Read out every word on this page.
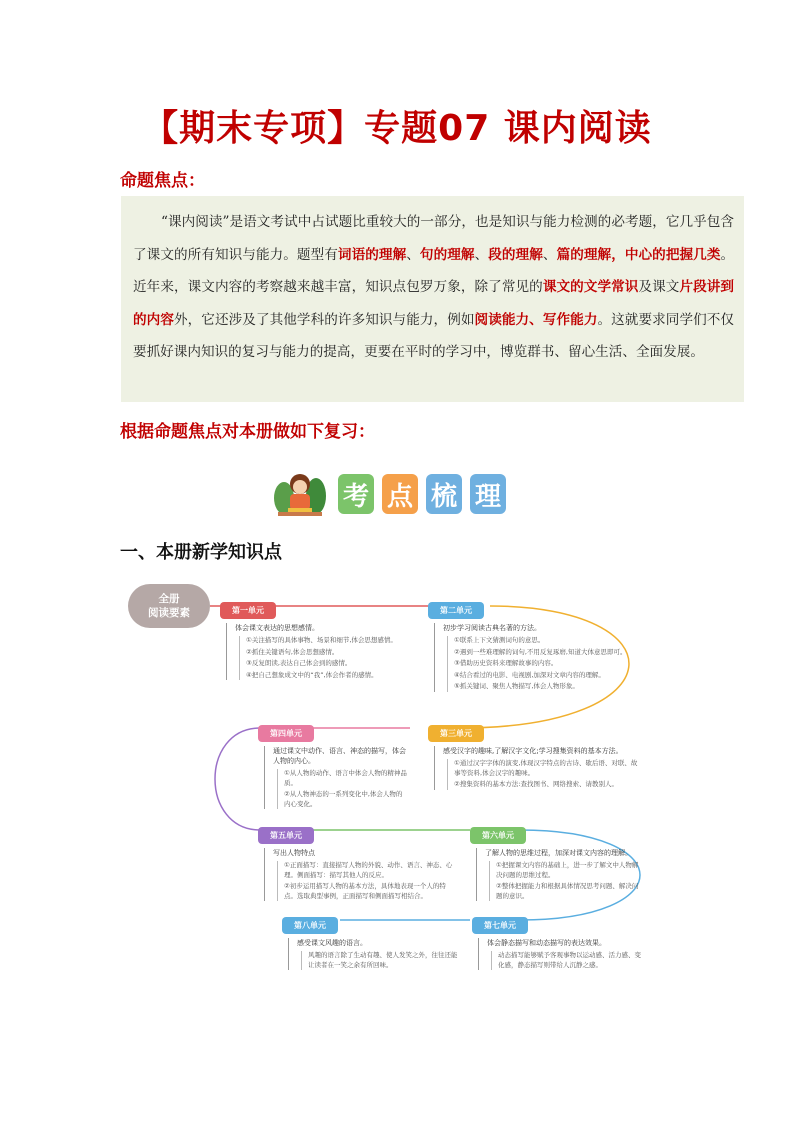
【期末专项】专题07 课内阅读
命题焦点：
“课内阅读”是语文考试中占试题比重较大的一部分，也是知识与能力检测的必考题，它几乎包含了课文的所有知识与能力。题型有词语的理解、句的理解、段的理解、篇的理解，中心的把握几类。近年来，课文内容的考察越来越丰富，知识点包罗万象，除了常见的课文的文学常识及课文片段讲到的内容外，它还涉及了其他学科的许多知识与能力，例如阅读能力、写作能力。这就要求同学们不仅要抓好课内知识的复习与能力的提高，更要在平时的学习中，博览群书、留心生活、全面发展。
根据命题焦点对本册做如下复习：
考 点 梳 理
一、本册新学知识点
全册
阅读要素	第一单元
体会课文表达的思想感情。
①关注描写的具体事物、场景和细节,体会思想感情。
②抓住关键语句,体会思想感情。
③反复朗读,表达自己体会到的感情。
④把自己想象成文中的“我”,体会作者的感情。
第二单元
初步学习阅读古典名著的方法。
①联系上下文猜测词句的意思。
②遇到一些难理解的词句,不用反复琢磨,知道大体意思即可。
③借助历史资料来理解故事的内容。
④结合看过的电影、电视剧,加深对文章内容的理解。
⑤抓关键词、聚焦人物描写,体会人物形象。
第三单元
感受汉字的趣味,了解汉字文化;学习搜集资料的基本方法。
①通过汉字字体的演变,体现汉字特点的古诗、歇后语、对联、故事等资料,体会汉字的趣味。
②搜集资料的基本方法:查找图书、网络搜索、请教别人。
第四单元
通过课文中动作、语言、神态的描写，体会人物的内心。
①从人物的动作、语言中体会人物的精神品质。
②从人物神态的一系列变化中,体会人物的内心变化。
第五单元
写出人物特点
①正面描写：直接描写人物的外貌、动作、语言、神态、心理。侧面描写：描写其他人的反应。
②初步运用描写人物的基本方法，具体地表现一个人的特点。选取典型事例，正面描写和侧面描写相结合。
第六单元
了解人物的思维过程，加深对课文内容的理解。
①把握课文内容的基础上，进一步了解文中人物解决问题的思维过程。
②整体把握能力和根据具体情况思考问题、解决问题的意识。
第八单元
感受课文风趣的语言。
风趣的语言除了生动有趣、使人发笑之外，往往还能让读者在一笑之余有所回味。
第七单元
体会静态描写和动态描写的表达效果。
动态描写能够赋予客观事物以运动感、活力感、变化感，静态描写则带给人沉静之感。
